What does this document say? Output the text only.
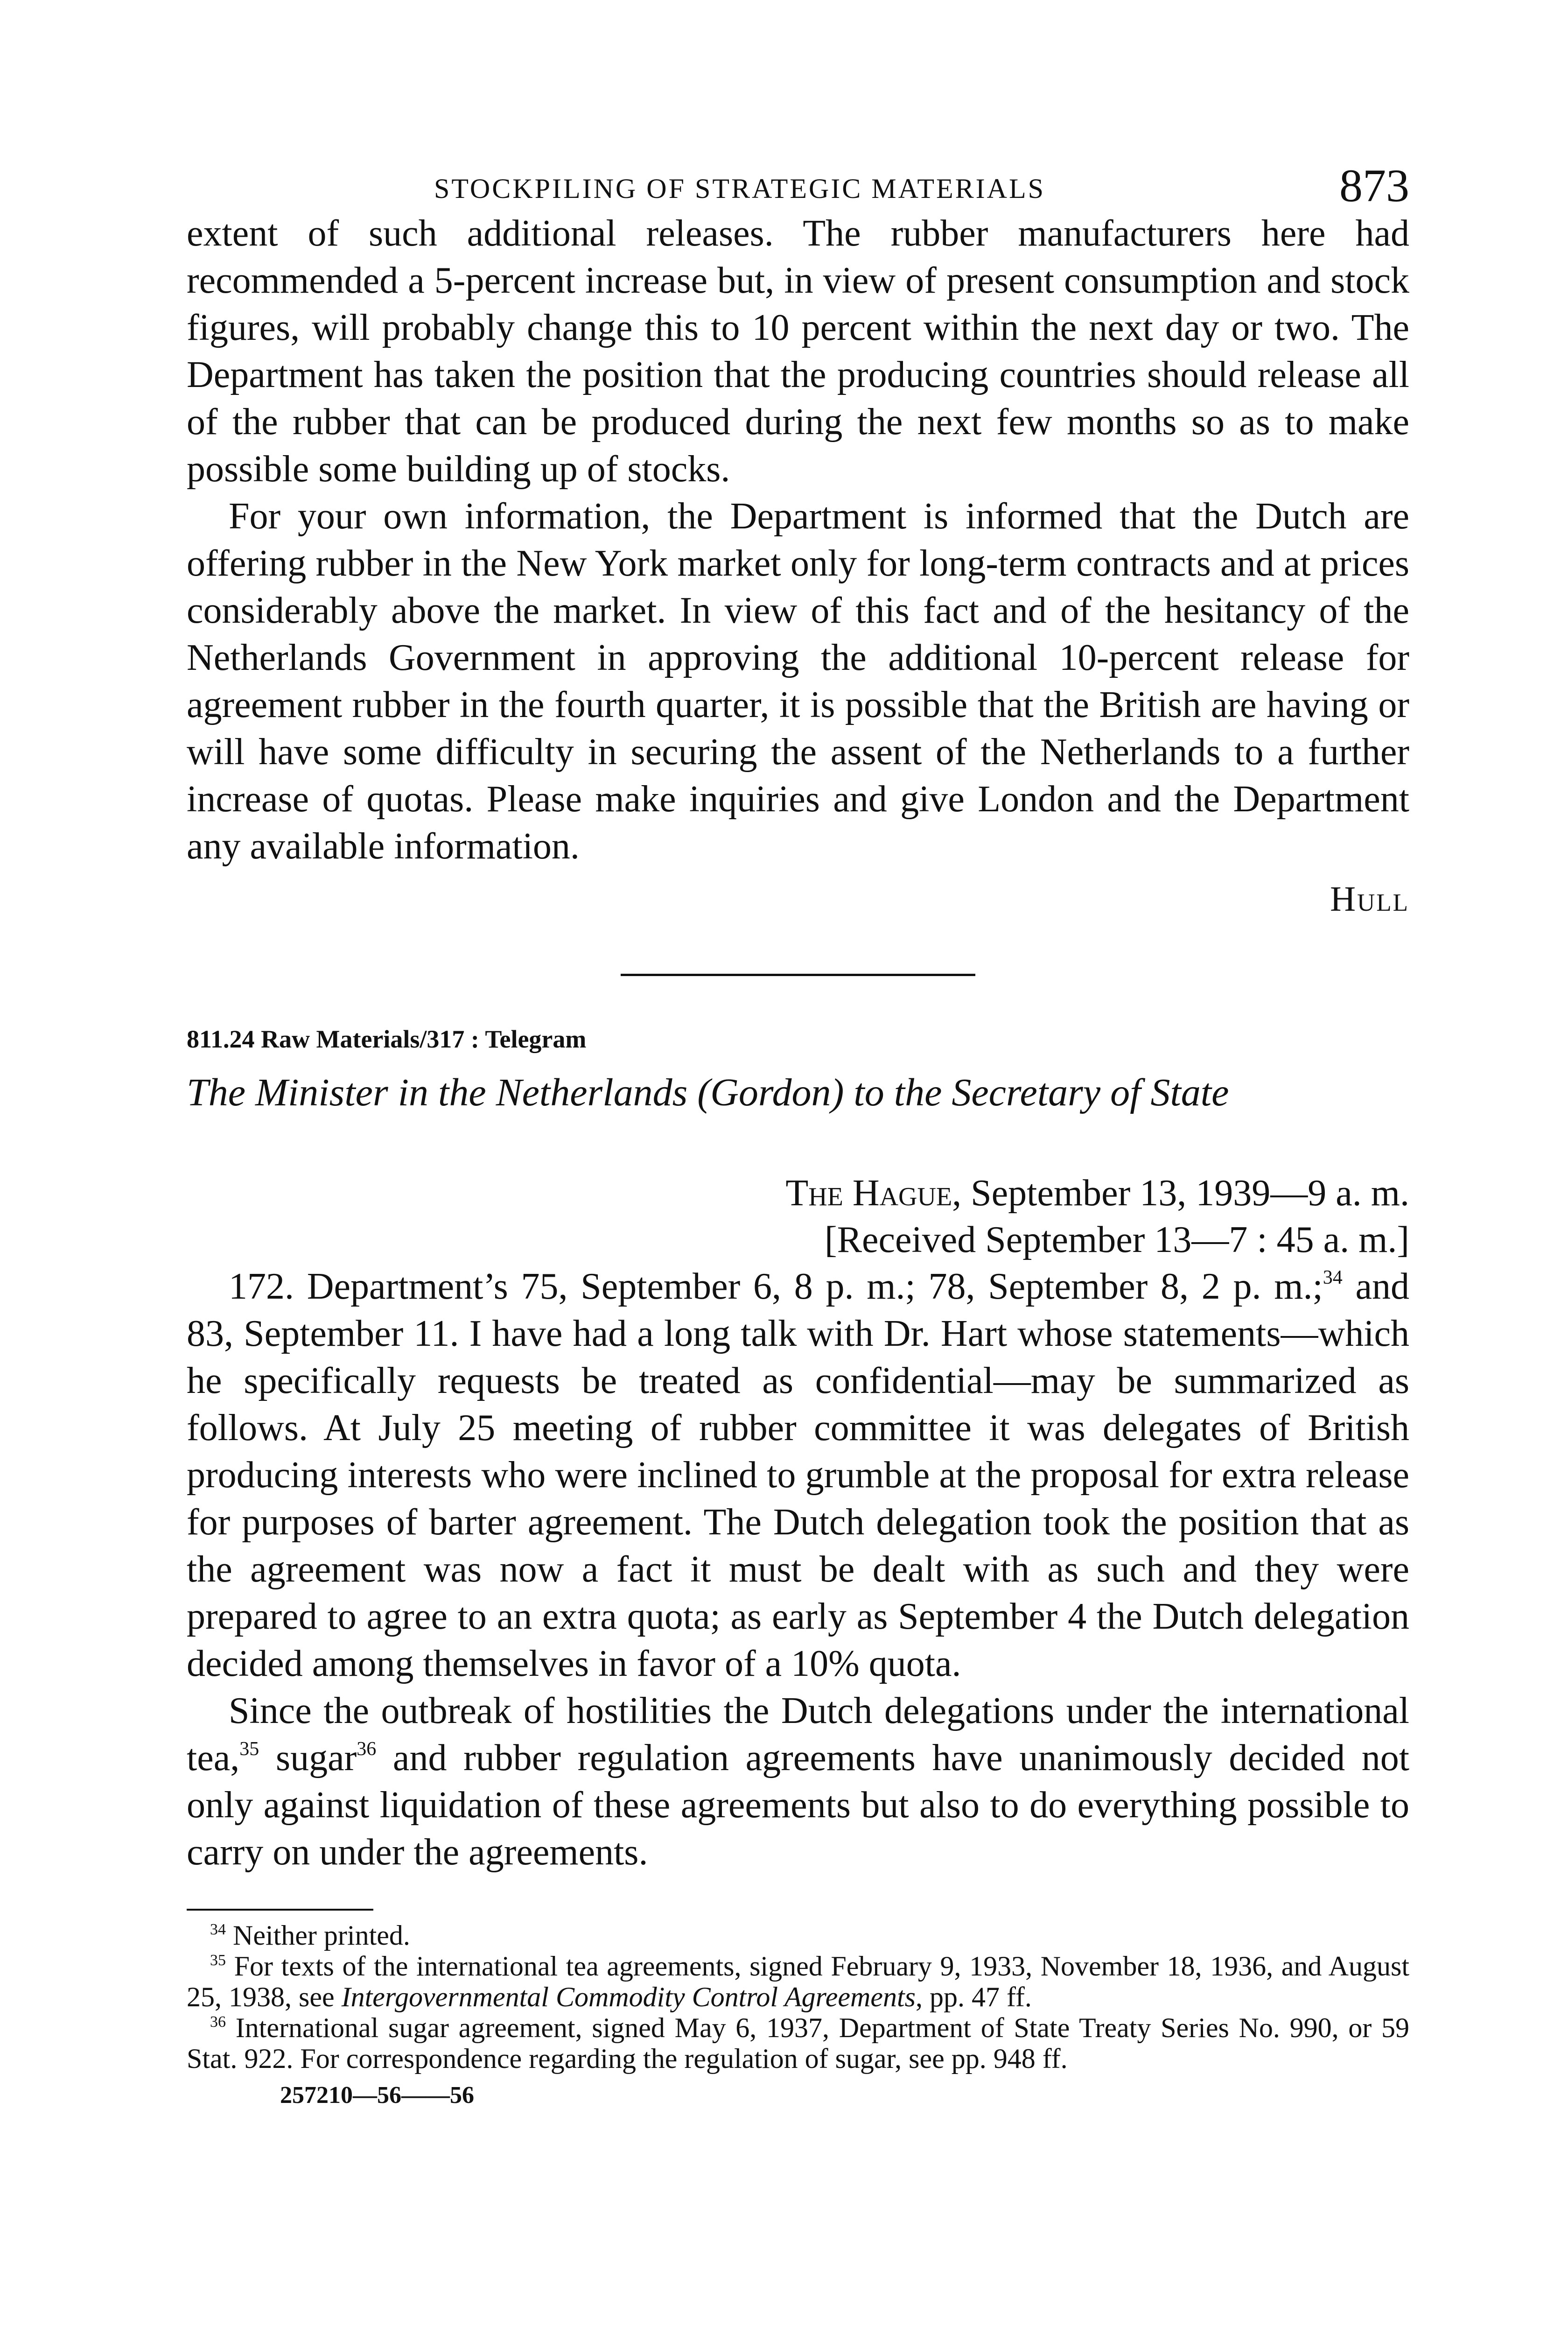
STOCKPILING OF STRATEGIC MATERIALS	873

extent of such additional releases. The rubber manufacturers here had recommended a 5-percent increase but, in view of present consumption and stock figures, will probably change this to 10 percent within the next day or two. The Department has taken the position that the producing countries should release all of the rubber that can be produced during the next few months so as to make possible some building up of stocks.

For your own information, the Department is informed that the Dutch are offering rubber in the New York market only for long-term contracts and at prices considerably above the market. In view of this fact and of the hesitancy of the Netherlands Government in approving the additional 10-percent release for agreement rubber in the fourth quarter, it is possible that the British are having or will have some difficulty in securing the assent of the Netherlands to a further increase of quotas. Please make inquiries and give London and the Department any available information.

Hull

811.24 Raw Materials/317 : Telegram

The Minister in the Netherlands (Gordon) to the Secretary of State

The Hague, September 13, 1939—9 a. m.
[Received September 13—7 : 45 a. m.]

172. Department’s 75, September 6, 8 p. m.; 78, September 8, 2 p. m.;$^{34}$ and 83, September 11. I have had a long talk with Dr. Hart whose statements—which he specifically requests be treated as confidential—may be summarized as follows. At July 25 meeting of rubber committee it was delegates of British producing interests who were inclined to grumble at the proposal for extra release for purposes of barter agreement. The Dutch delegation took the position that as the agreement was now a fact it must be dealt with as such and they were prepared to agree to an extra quota; as early as September 4 the Dutch delegation decided among themselves in favor of a 10% quota.

Since the outbreak of hostilities the Dutch delegations under the international tea,$^{35}$ sugar$^{36}$ and rubber regulation agreements have unanimously decided not only against liquidation of these agreements but also to do everything possible to carry on under the agreements.

$^{34}$ Neither printed.

$^{35}$ For texts of the international tea agreements, signed February 9, 1933, November 18, 1936, and August 25, 1938, see Intergovernmental Commodity Control Agreements, pp. 47 ff.

$^{36}$ International sugar agreement, signed May 6, 1937, Department of State Treaty Series No. 990, or 59 Stat. 922. For correspondence regarding the regulation of sugar, see pp. 948 ff.

257210—56——56
